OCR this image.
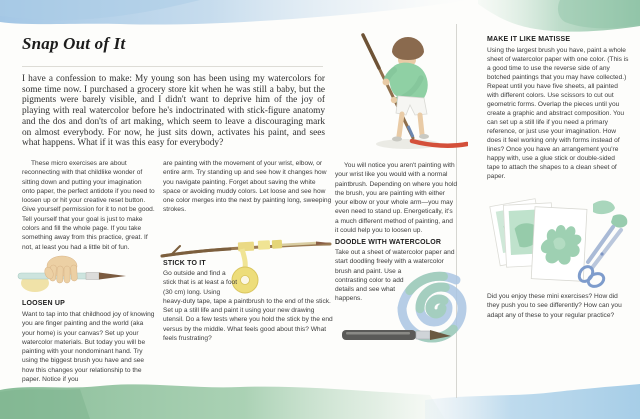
Snap Out of It

I have a confession to make: My young son has been using my watercolors for some time now. I purchased a grocery store kit when he was still a baby, but the pigments were barely visible, and I didn't want to deprive him of the joy of playing with real watercolor before he's indoctrinated with stick-figure anatomy and the dos and don'ts of art making, which seem to leave a discouraging mark on almost everybody. For now, he just sits down, activates his paint, and sees what happens. What if it was this easy for everybody?

These micro exercises are about reconnecting with that childlike wonder of sitting down and putting your imagination onto paper, the perfect antidote if you need to loosen up or hit your creative reset button. Give yourself permission for it to not be good. Tell yourself that your goal is just to make colors and fill the whole page. If you take something away from this practice, great. If not, at least you had a little bit of fun.

LOOSEN UP

Want to tap into that childhood joy of knowing you are finger painting and the world (aka your home) is your canvas? Set up your watercolor materials. But today you will be painting with your nondominant hand. Try using the biggest brush you have and see how this changes your relationship to the paper. Notice if you

are painting with the movement of your wrist, elbow, or entire arm. Try standing up and see how it changes how you navigate painting. Forget about saving the white space or avoiding muddy colors. Let loose and see how one color merges into the next by painting long, sweeping strokes.

STICK TO IT

Go outside and find a stick that is at least a foot (30 cm) long. Using heavy-duty tape, tape a paintbrush to the end of the stick. Set up a still life and paint it using your new drawing utensil. Do a few tests where you hold the stick by the end versus by the middle. What feels good about this? What feels frustrating?

You will notice you aren't painting with your wrist like you would with a normal paintbrush. Depending on where you hold the brush, you are painting with either your elbow or your whole arm—you may even need to stand up. Energetically, it's a much different method of painting, and it could help you to loosen up.

DOODLE WITH WATERCOLOR

Take out a sheet of watercolor paper and start doodling freely with a watercolor brush and paint. Use a contrasting color to add details and see what happens.

MAKE IT LIKE MATISSE

Using the largest brush you have, paint a whole sheet of watercolor paper with one color. (This is a good time to use the reverse side of any botched paintings that you may have collected.) Repeat until you have five sheets, all painted with different colors. Use scissors to cut out geometric forms. Overlap the pieces until you create a graphic and abstract composition. You can set up a still life if you need a primary reference, or just use your imagination. How does it feel working only with forms instead of lines? Once you have an arrangement you're happy with, use a glue stick or double-sided tape to attach the shapes to a clean sheet of paper.

Did you enjoy these mini exercises? How did they push you to see differently? How can you adapt any of these to your regular practice?
